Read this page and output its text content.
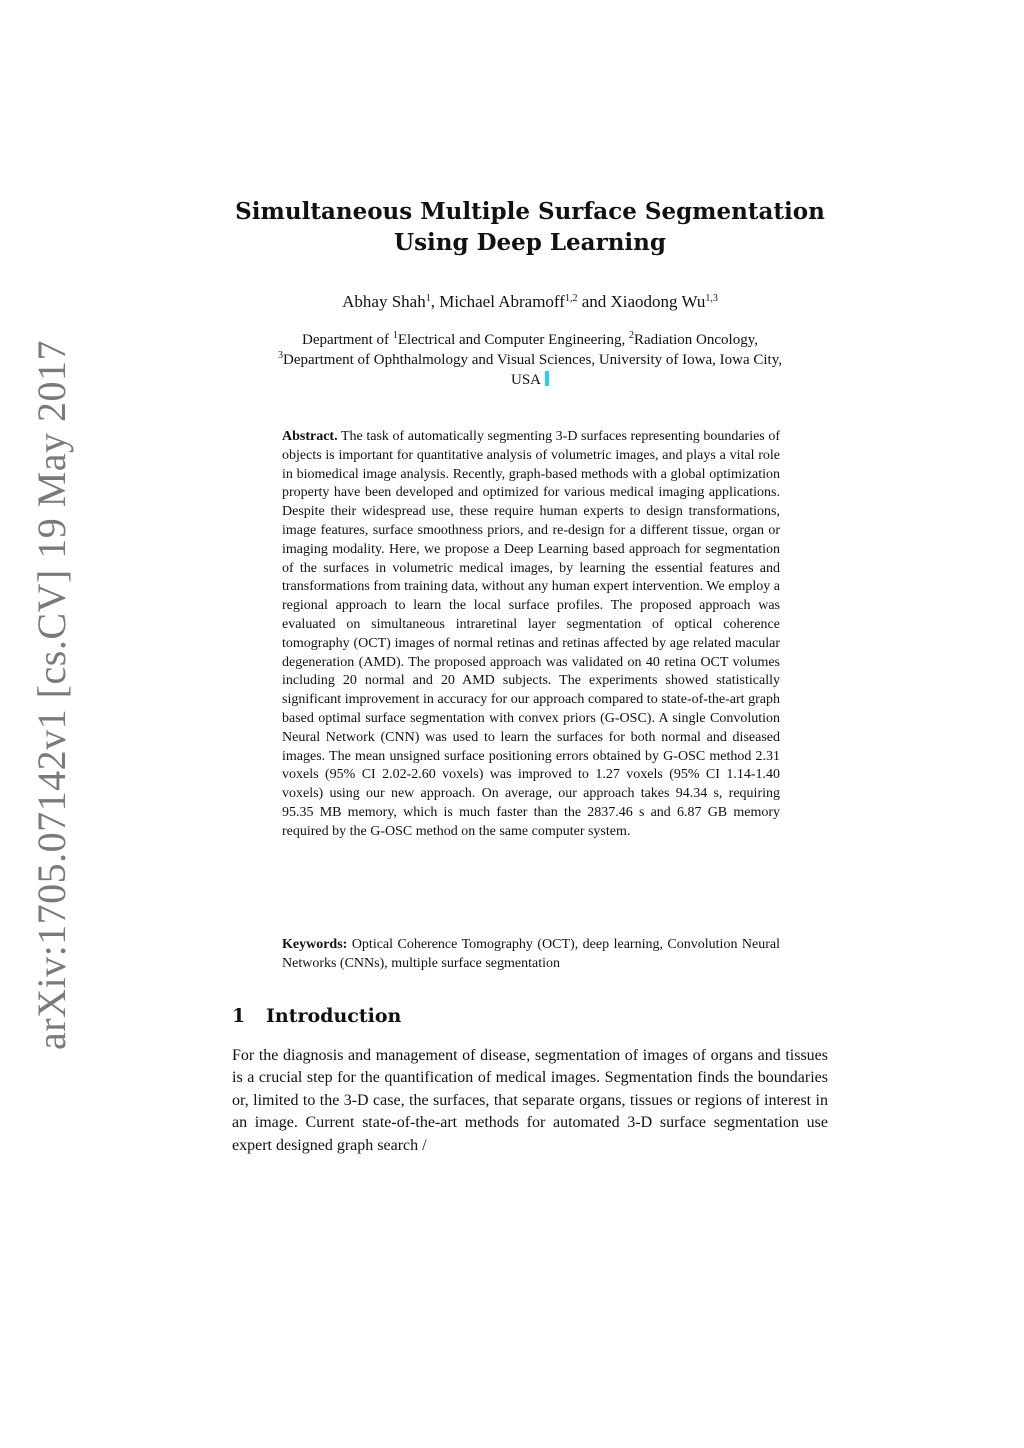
arXiv:1705.07142v1 [cs.CV] 19 May 2017
Simultaneous Multiple Surface Segmentation
Using Deep Learning
Abhay Shah$^1$, Michael Abramoff$^{1,2}$ and Xiaodong Wu$^{1,3}$
Department of $^1$Electrical and Computer Engineering, $^2$Radiation Oncology,
$^3$Department of Ophthalmology and Visual Sciences, University of Iowa, Iowa City,
USA
Abstract. The task of automatically segmenting 3-D surfaces representing boundaries of objects is important for quantitative analysis of volumetric images, and plays a vital role in biomedical image analysis. Recently, graph-based methods with a global optimization property have been developed and optimized for various medical imaging applications. Despite their widespread use, these require human experts to design transformations, image features, surface smoothness priors, and re-design for a different tissue, organ or imaging modality. Here, we propose a Deep Learning based approach for segmentation of the surfaces in volumetric medical images, by learning the essential features and transformations from training data, without any human expert intervention. We employ a regional approach to learn the local surface profiles. The proposed approach was evaluated on simultaneous intraretinal layer segmentation of optical coherence tomography (OCT) images of normal retinas and retinas affected by age related macular degeneration (AMD). The proposed approach was validated on 40 retina OCT volumes including 20 normal and 20 AMD subjects. The experiments showed statistically significant improvement in accuracy for our approach compared to state-of-the-art graph based optimal surface segmentation with convex priors (G-OSC). A single Convolution Neural Network (CNN) was used to learn the surfaces for both normal and diseased images. The mean unsigned surface positioning errors obtained by G-OSC method 2.31 voxels (95% CI 2.02-2.60 voxels) was improved to 1.27 voxels (95% CI 1.14-1.40 voxels) using our new approach. On average, our approach takes 94.34 s, requiring 95.35 MB memory, which is much faster than the 2837.46 s and 6.87 GB memory required by the G-OSC method on the same computer system.
Keywords: Optical Coherence Tomography (OCT), deep learning, Convolution Neural Networks (CNNs), multiple surface segmentation
1 Introduction
For the diagnosis and management of disease, segmentation of images of organs and tissues is a crucial step for the quantification of medical images. Segmentation finds the boundaries or, limited to the 3-D case, the surfaces, that separate organs, tissues or regions of interest in an image. Current state-of-the-art methods for automated 3-D surface segmentation use expert designed graph search /
